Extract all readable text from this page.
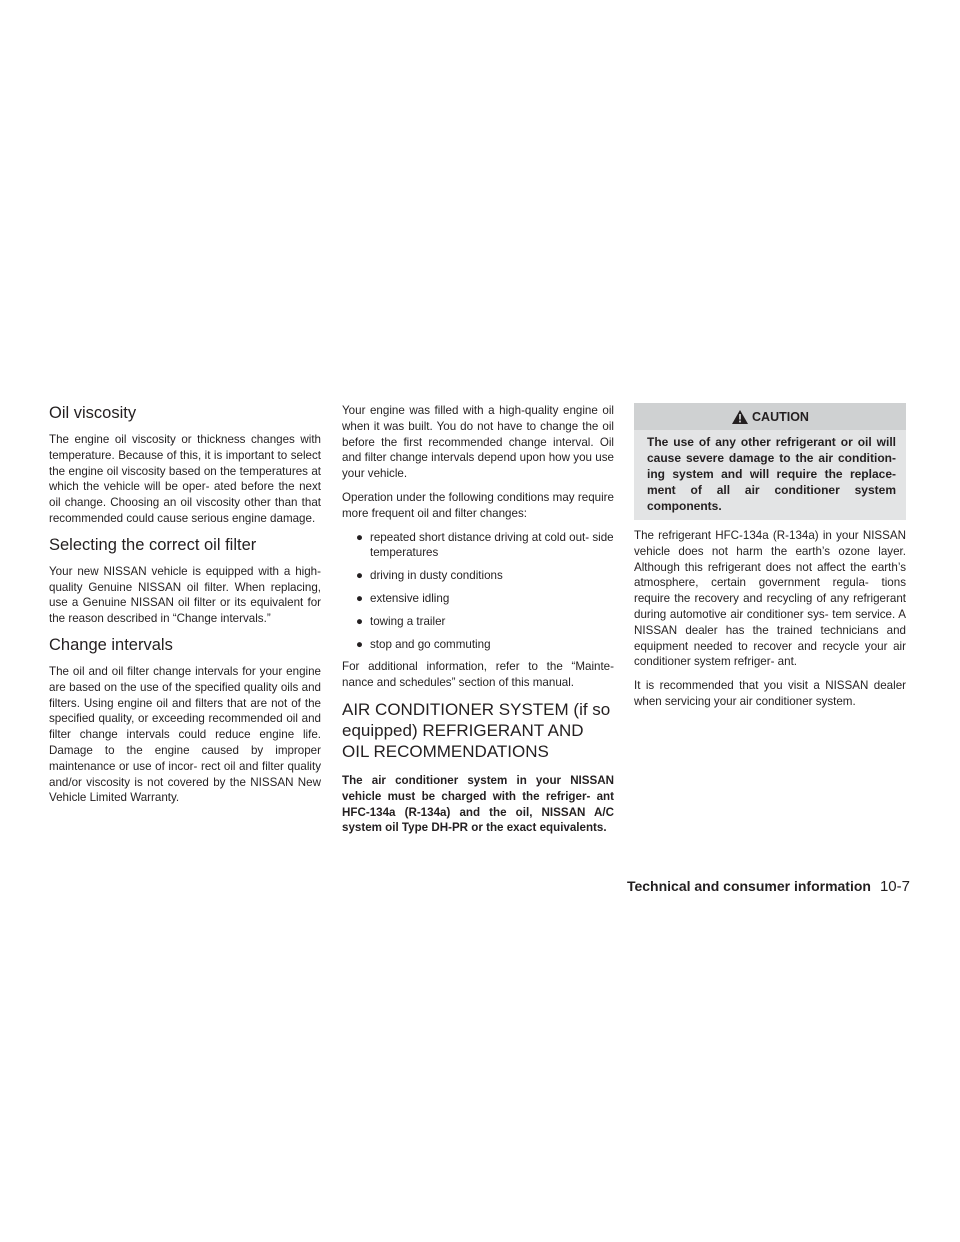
Oil viscosity

The engine oil viscosity or thickness changes with temperature. Because of this, it is important to select the engine oil viscosity based on the temperatures at which the vehicle will be oper- ated before the next oil change. Choosing an oil viscosity other than that recommended could cause serious engine damage.

Selecting the correct oil filter

Your new NISSAN vehicle is equipped with a high-quality Genuine NISSAN oil filter. When replacing, use a Genuine NISSAN oil filter or its equivalent for the reason described in “Change intervals.”

Change intervals

The oil and oil filter change intervals for your engine are based on the use of the specified quality oils and filters. Using engine oil and filters that are not of the specified quality, or exceeding recommended oil and filter change intervals could reduce engine life. Damage to the engine caused by improper maintenance or use of incor- rect oil and filter quality and/or viscosity is not covered by the NISSAN New Vehicle Limited Warranty.

Your engine was filled with a high-quality engine oil when it was built. You do not have to change the oil before the first recommended change interval. Oil and filter change intervals depend upon how you use your vehicle.

Operation under the following conditions may require more frequent oil and filter changes:

● repeated short distance driving at cold out- side temperatures
● driving in dusty conditions
● extensive idling
● towing a trailer
● stop and go commuting

For additional information, refer to the “Mainte- nance and schedules” section of this manual.

AIR CONDITIONER SYSTEM (if so equipped) REFRIGERANT AND OIL RECOMMENDATIONS

The air conditioner system in your NISSAN vehicle must be charged with the refriger- ant HFC-134a (R-134a) and the oil, NISSAN A/C system oil Type DH-PR or the exact equivalents.

CAUTION

The use of any other refrigerant or oil will cause severe damage to the air condition- ing system and will require the replace- ment of all air conditioner system components.

The refrigerant HFC-134a (R-134a) in your NISSAN vehicle does not harm the earth’s ozone layer. Although this refrigerant does not affect the earth’s atmosphere, certain government regula- tions require the recovery and recycling of any refrigerant during automotive air conditioner sys- tem service. A NISSAN dealer has the trained technicians and equipment needed to recover and recycle your air conditioner system refriger- ant.

It is recommended that you visit a NISSAN dealer when servicing your air conditioner system.

Technical and consumer information 10-7
